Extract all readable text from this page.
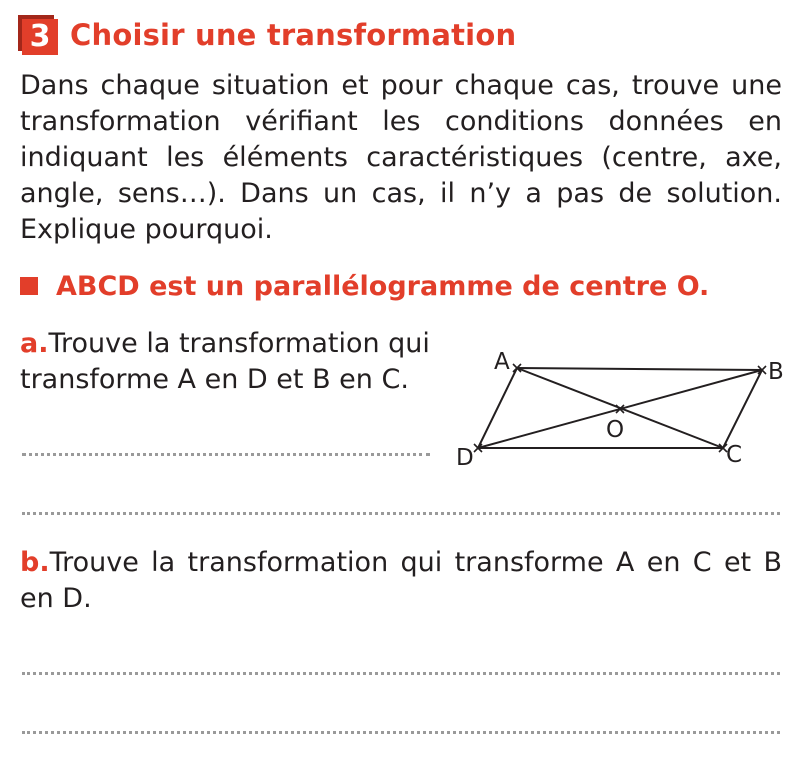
3 Choisir une transformation
Dans chaque situation et pour chaque cas, trouve une transformation vérifiant les conditions données en indiquant les éléments caractéristiques (centre, axe, angle, sens…). Dans un cas, il n’y a pas de solution. Explique pourquoi.
ABCD est un parallélogramme de centre O.
a.Trouve la transformation qui transforme A en D et B en C.
A	B
C
D
O
b.Trouve la transformation qui transforme A en C et B en D.
